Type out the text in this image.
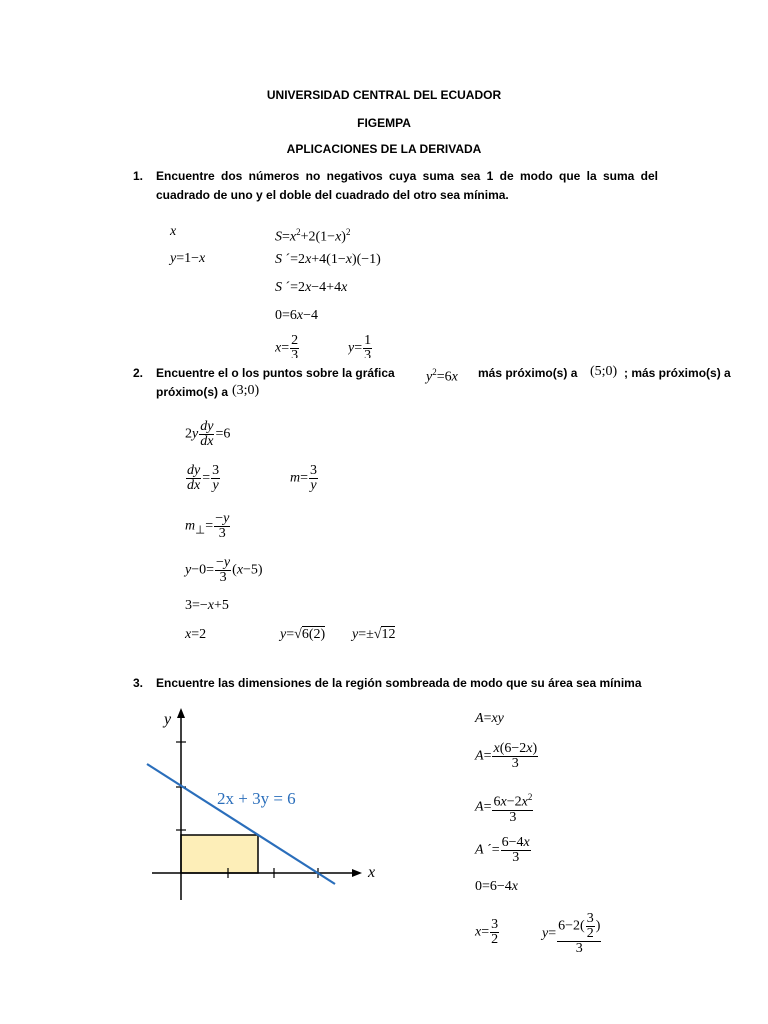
UNIVERSIDAD CENTRAL DEL ECUADOR
FIGEMPA
APLICACIONES DE LA DERIVADA
1. Encuentre dos números no negativos cuya suma sea 1 de modo que la suma del cuadrado de uno y el doble del cuadrado del otro sea mínima.
x
y=1−x
$S=x^2+2(1-x)^2$
S ´=2x+4(1−x)(−1)
S ´=2x−4+4x
0=6x−4
$x= \frac{2}{3}$	$y= \frac{1}{3}$
2. Encuentre el o los puntos sobre la gráfica $y^2=6x$ más próximo(s) a (5;0) ; más próximo(s) a
próximo(s) a (3;0)
$2y \frac{dy}{dx} =6$
$\frac{dy}{dx} = \frac{3}{y}$	$m= \frac{3}{y}$
$m_\perp= \frac{-y}{3}$
$y-0= \frac{-y}{3} (x-5)$
3=−x+5
x=2	y=√6(2) y=±√12
3. Encuentre las dimensiones de la región sombreada de modo que su área sea mínima
y
x
2x + 3y = 6
A=xy
$A= \frac{x(6-2x)}{3}$
$A= \frac{6x-2x^2}{3}$
A ´= $\frac{6-4x}{3}$
0=6−4x
$x= \frac{3}{2}$	$y= \frac{6-2( \frac{3}{2} )}{3}$
